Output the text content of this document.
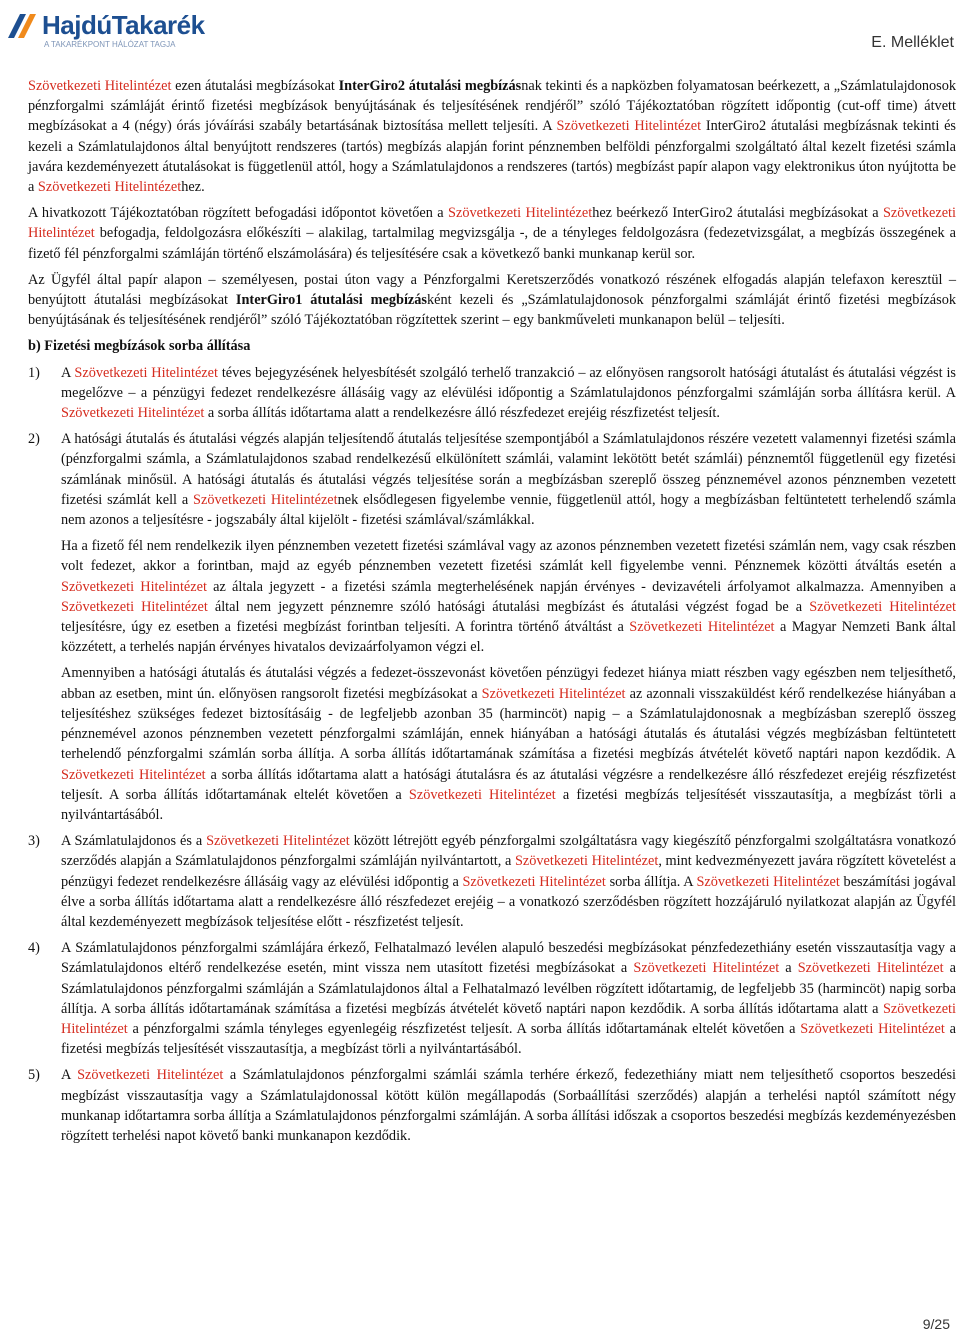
HajdúTakarék
A TAKARÉKPONT HÁLÓZAT TAGJA	E. Melléklet

Szövetkezeti Hitelintézet ezen átutalási megbízásokat InterGiro2 átutalási megbízásnak tekinti és a napközben folyamatosan beérkezett, a „Számlatulajdonosok pénzforgalmi számláját érintő fizetési megbízások benyújtásának és teljesítésének rendjéről” szóló Tájékoztatóban rögzített időpontig (cut-off time) átvett megbízásokat a 4 (négy) órás jóváírási szabály betartásának biztosítása mellett teljesíti. A Szövetkezeti Hitelintézet InterGiro2 átutalási megbízásnak tekinti és kezeli a Számlatulajdonos által benyújtott rendszeres (tartós) megbízás alapján forint pénznemben belföldi pénzforgalmi szolgáltató által kezelt fizetési számla javára kezdeményezett átutalásokat is függetlenül attól, hogy a Számlatulajdonos a rendszeres (tartós) megbízást papír alapon vagy elektronikus úton nyújtotta be a Szövetkezeti Hitelintézethez.

A hivatkozott Tájékoztatóban rögzített befogadási időpontot követően a Szövetkezeti Hitelintézethez beérkező InterGiro2 átutalási megbízásokat a Szövetkezeti Hitelintézet befogadja, feldolgozásra előkészíti – alakilag, tartalmilag megvizsgálja -, de a tényleges feldolgozásra (fedezetvizsgálat, a megbízás összegének a fizető fél pénzforgalmi számláján történő elszámolására) és teljesítésére csak a következő banki munkanap kerül sor.

Az Ügyfél által papír alapon – személyesen, postai úton vagy a Pénzforgalmi Keretszerződés vonatkozó részének elfogadás alapján telefaxon keresztül – benyújtott átutalási megbízásokat InterGiro1 átutalási megbízásként kezeli és „Számlatulajdonosok pénzforgalmi számláját érintő fizetési megbízások benyújtásának és teljesítésének rendjéről” szóló Tájékoztatóban rögzítettek szerint – egy bankműveleti munkanapon belül – teljesíti.

b) Fizetési megbízások sorba állítása
1) A Szövetkezeti Hitelintézet téves bejegyzésének helyesbítését szolgáló terhelő tranzakció – az előnyösen rangsorolt hatósági átutalást és átutalási végzést is megelőzve – a pénzügyi fedezet rendelkezésre állásáig vagy az elévülési időpontig a Számlatulajdonos pénzforgalmi számláján sorba állításra kerül. A Szövetkezeti Hitelintézet a sorba állítás időtartama alatt a rendelkezésre álló részfedezet erejéig részfizetést teljesít.

2) A hatósági átutalás és átutalási végzés alapján teljesítendő átutalás teljesítése szempontjából a Számlatulajdonos részére vezetett valamennyi fizetési számla (pénzforgalmi számla, a Számlatulajdonos szabad rendelkezésű elkülönített számlái, valamint lekötött betét számlái) pénznemtől függetlenül egy fizetési számlának minősül. A hatósági átutalás és átutalási végzés teljesítése során a megbízásban szereplő összeg pénznemével azonos pénznemben vezetett fizetési számlát kell a Szövetkezeti Hitelintézetnek elsődlegesen figyelembe vennie, függetlenül attól, hogy a megbízásban feltüntetett terhelendő számla nem azonos a teljesítésre - jogszabály által kijelölt - fizetési számlával/számlákkal.

Ha a fizető fél nem rendelkezik ilyen pénznemben vezetett fizetési számlával vagy az azonos pénznemben vezetett fizetési számlán nem, vagy csak részben volt fedezet, akkor a forintban, majd az egyéb pénznemben vezetett fizetési számlát kell figyelembe venni. Pénznemek közötti átváltás esetén a Szövetkezeti Hitelintézet az általa jegyzett - a fizetési számla megterhelésének napján érvényes - devizavételi árfolyamot alkalmazza. Amennyiben a Szövetkezeti Hitelintézet által nem jegyzett pénznemre szóló hatósági átutalási megbízást és átutalási végzést fogad be a Szövetkezeti Hitelintézet teljesítésre, úgy ez esetben a fizetési megbízást forintban teljesíti. A forintra történő átváltást a Szövetkezeti Hitelintézet a Magyar Nemzeti Bank által közzétett, a terhelés napján érvényes hivatalos devizaárfolyamon végzi el.

Amennyiben a hatósági átutalás és átutalási végzés a fedezet-összevonást követően pénzügyi fedezet hiánya miatt részben vagy egészben nem teljesíthető, abban az esetben, mint ún. előnyösen rangsorolt fizetési megbízásokat a Szövetkezeti Hitelintézet az azonnali visszaküldést kérő rendelkezése hiányában a teljesítéshez szükséges fedezet biztosításáig - de legfeljebb azonban 35 (harmincöt) napig – a Számlatulajdonosnak a megbízásban szereplő összeg pénznemével azonos pénznemben vezetett pénzforgalmi számláján, ennek hiányában a hatósági átutalás és átutalási végzés megbízásban feltüntetett terhelendő pénzforgalmi számlán sorba állítja. A sorba állítás időtartamának számítása a fizetési megbízás átvételét követő naptári napon kezdődik. A Szövetkezeti Hitelintézet a sorba állítás időtartama alatt a hatósági átutalásra és az átutalási végzésre a rendelkezésre álló részfedezet erejéig részfizetést teljesít. A sorba állítás időtartamának eltelét követően a Szövetkezeti Hitelintézet a fizetési megbízás teljesítését visszautasítja, a megbízást törli a nyilvántartásából.

3) A Számlatulajdonos és a Szövetkezeti Hitelintézet között létrejött egyéb pénzforgalmi szolgáltatásra vagy kiegészítő pénzforgalmi szolgáltatásra vonatkozó szerződés alapján a Számlatulajdonos pénzforgalmi számláján nyilvántartott, a Szövetkezeti Hitelintézet, mint kedvezményezett javára rögzített követelést a pénzügyi fedezet rendelkezésre állásáig vagy az elévülési időpontig a Szövetkezeti Hitelintézet sorba állítja. A Szövetkezeti Hitelintézet beszámítási jogával élve a sorba állítás időtartama alatt a rendelkezésre álló részfedezet erejéig – a vonatkozó szerződésben rögzített hozzájáruló nyilatkozat alapján az Ügyfél által kezdeményezett megbízások teljesítése előtt - részfizetést teljesít.

4) A Számlatulajdonos pénzforgalmi számlájára érkező, Felhatalmazó levélen alapuló beszedési megbízásokat pénzfedezethiány esetén visszautasítja vagy a Számlatulajdonos eltérő rendelkezése esetén, mint vissza nem utasított fizetési megbízásokat a Szövetkezeti Hitelintézet a Szövetkezeti Hitelintézet a Számlatulajdonos pénzforgalmi számláján a Számlatulajdonos által a Felhatalmazó levélben rögzített időtartamig, de legfeljebb 35 (harmincöt) napig sorba állítja. A sorba állítás időtartamának számítása a fizetési megbízás átvételét követő naptári napon kezdődik. A sorba állítás időtartama alatt a Szövetkezeti Hitelintézet a pénzforgalmi számla tényleges egyenlegéig részfizetést teljesít. A sorba állítás időtartamának eltelét követően a Szövetkezeti Hitelintézet a fizetési megbízás teljesítését visszautasítja, a megbízást törli a nyilvántartásából.

5) A Szövetkezeti Hitelintézet a Számlatulajdonos pénzforgalmi számlái számla terhére érkező, fedezethiány miatt nem teljesíthető csoportos beszedési megbízást visszautasítja vagy a Számlatulajdonossal kötött külön megállapodás (Sorbaállítási szerződés) alapján a terhelési naptól számított négy munkanap időtartamra sorba állítja a Számlatulajdonos pénzforgalmi számláján. A sorba állítási időszak a csoportos beszedési megbízás kezdeményezésben rögzített terhelési napot követő banki munkanapon kezdődik.

9/25
